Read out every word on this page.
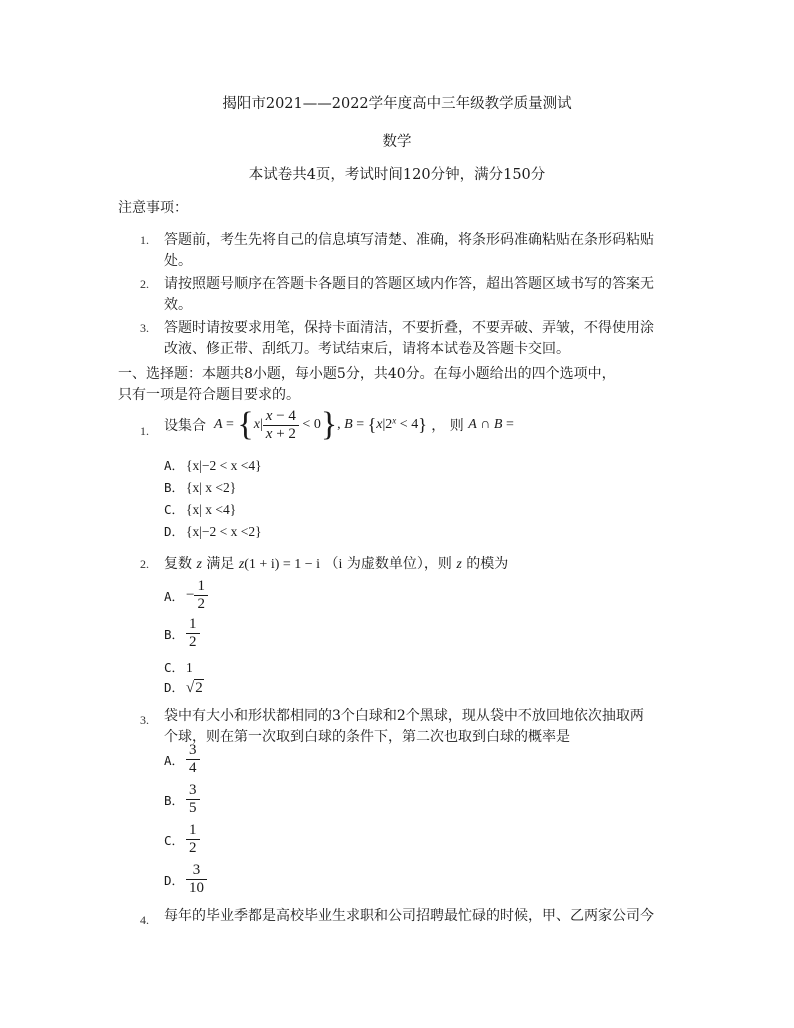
揭阳市2021——2022学年度高中三年级教学质量测试
数学
本试卷共4页，考试时间120分钟，满分150分
注意事项：
1. 答题前，考生先将自己的信息填写清楚、准确，将条形码准确粘贴在条形码粘贴
处。
2. 请按照题号顺序在答题卡各题目的答题区域内作答，超出答题区域书写的答案无
效。
3. 答题时请按要求用笔，保持卡面清洁，不要折叠，不要弄破、弄皱，不得使用涂
改液、修正带、刮纸刀。考试结束后，请将本试卷及答题卡交回。
一、选择题：本题共8小题，每小题5分，共40分。在每小题给出的四个选项中，
只有一项是符合题目要求的。
1. 设集合  $A = \{x| \frac{x - 4}{x + 2} < 0\}$, $B = \{x|2^x < 4\}$ ， 则 A ∩ B =
A． {x|−2 < x <4}
B． {x| x <2}
C． {x| x <4}
D． {x|−2 < x <2}
2. 复数 z 满足 z(1 + i) = 1 − i （i 为虚数单位），则 z 的模为
A． − $\frac{1}{2}$
B． $\frac{1}{2}$
C． 1
D． √2
3. 袋中有大小和形状都相同的3个白球和2个黑球，现从袋中不放回地依次抽取两
个球，则在第一次取到白球的条件下，第二次也取到白球的概率是
A． $\frac{3}{4}$
B． $\frac{3}{5}$
C． $\frac{1}{2}$
D． $\frac{3}{10}$
4. 每年的毕业季都是高校毕业生求职和公司招聘最忙碌的时候，甲、乙两家公司今
